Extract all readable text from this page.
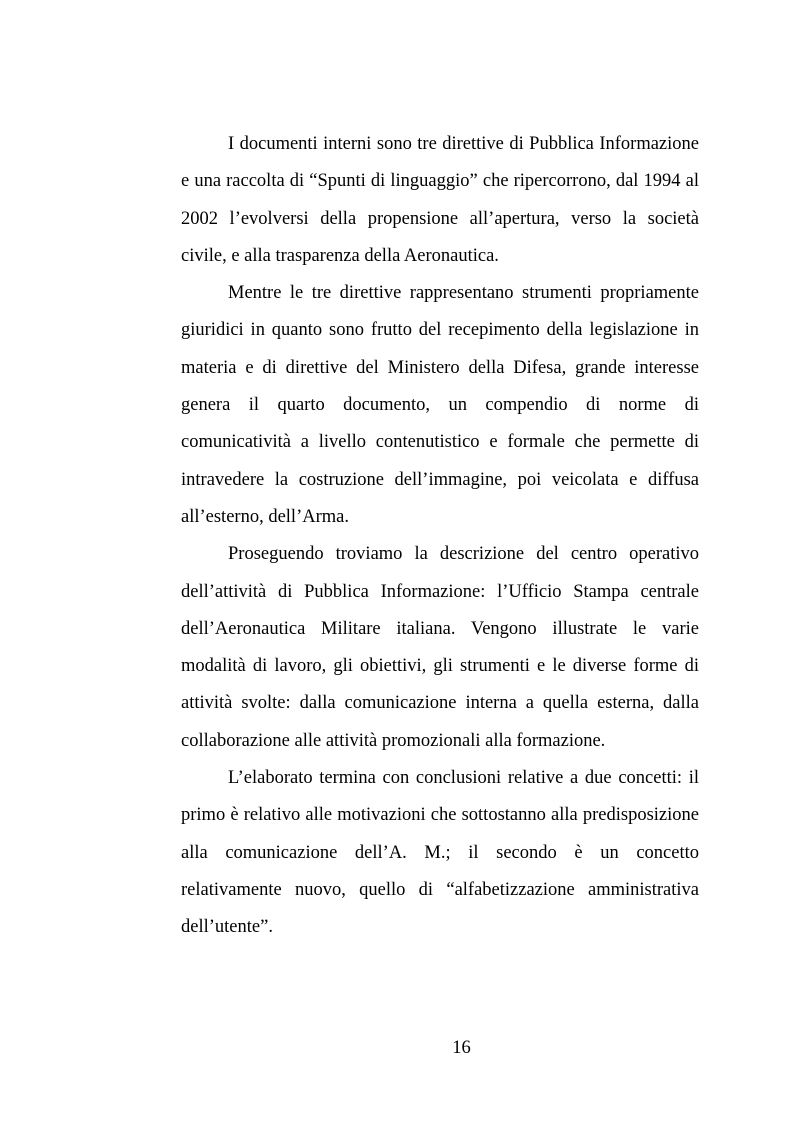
I documenti interni sono tre direttive di Pubblica Informazione e una raccolta di “Spunti di linguaggio” che ripercorrono, dal 1994 al 2002 l’evolversi della propensione all’apertura, verso la società civile, e alla trasparenza della Aeronautica.

Mentre le tre direttive rappresentano strumenti propriamente giuridici in quanto sono frutto del recepimento della legislazione in materia e di direttive del Ministero della Difesa, grande interesse genera il quarto documento, un compendio di norme di comunicatività a livello contenutistico e formale che permette di intravedere la costruzione dell’immagine, poi veicolata e diffusa all’esterno, dell’Arma.

Proseguendo troviamo la descrizione del centro operativo dell’attività di Pubblica Informazione: l’Ufficio Stampa centrale dell’Aeronautica Militare italiana. Vengono illustrate le varie modalità di lavoro, gli obiettivi, gli strumenti e le diverse forme di attività svolte: dalla comunicazione interna a quella esterna, dalla collaborazione alle attività promozionali alla formazione.

L’elaborato termina con conclusioni relative a due concetti: il primo è relativo alle motivazioni che sottostanno alla predisposizione alla comunicazione dell’A. M.; il secondo è un concetto relativamente nuovo, quello di “alfabetizzazione amministrativa dell’utente”.

16
